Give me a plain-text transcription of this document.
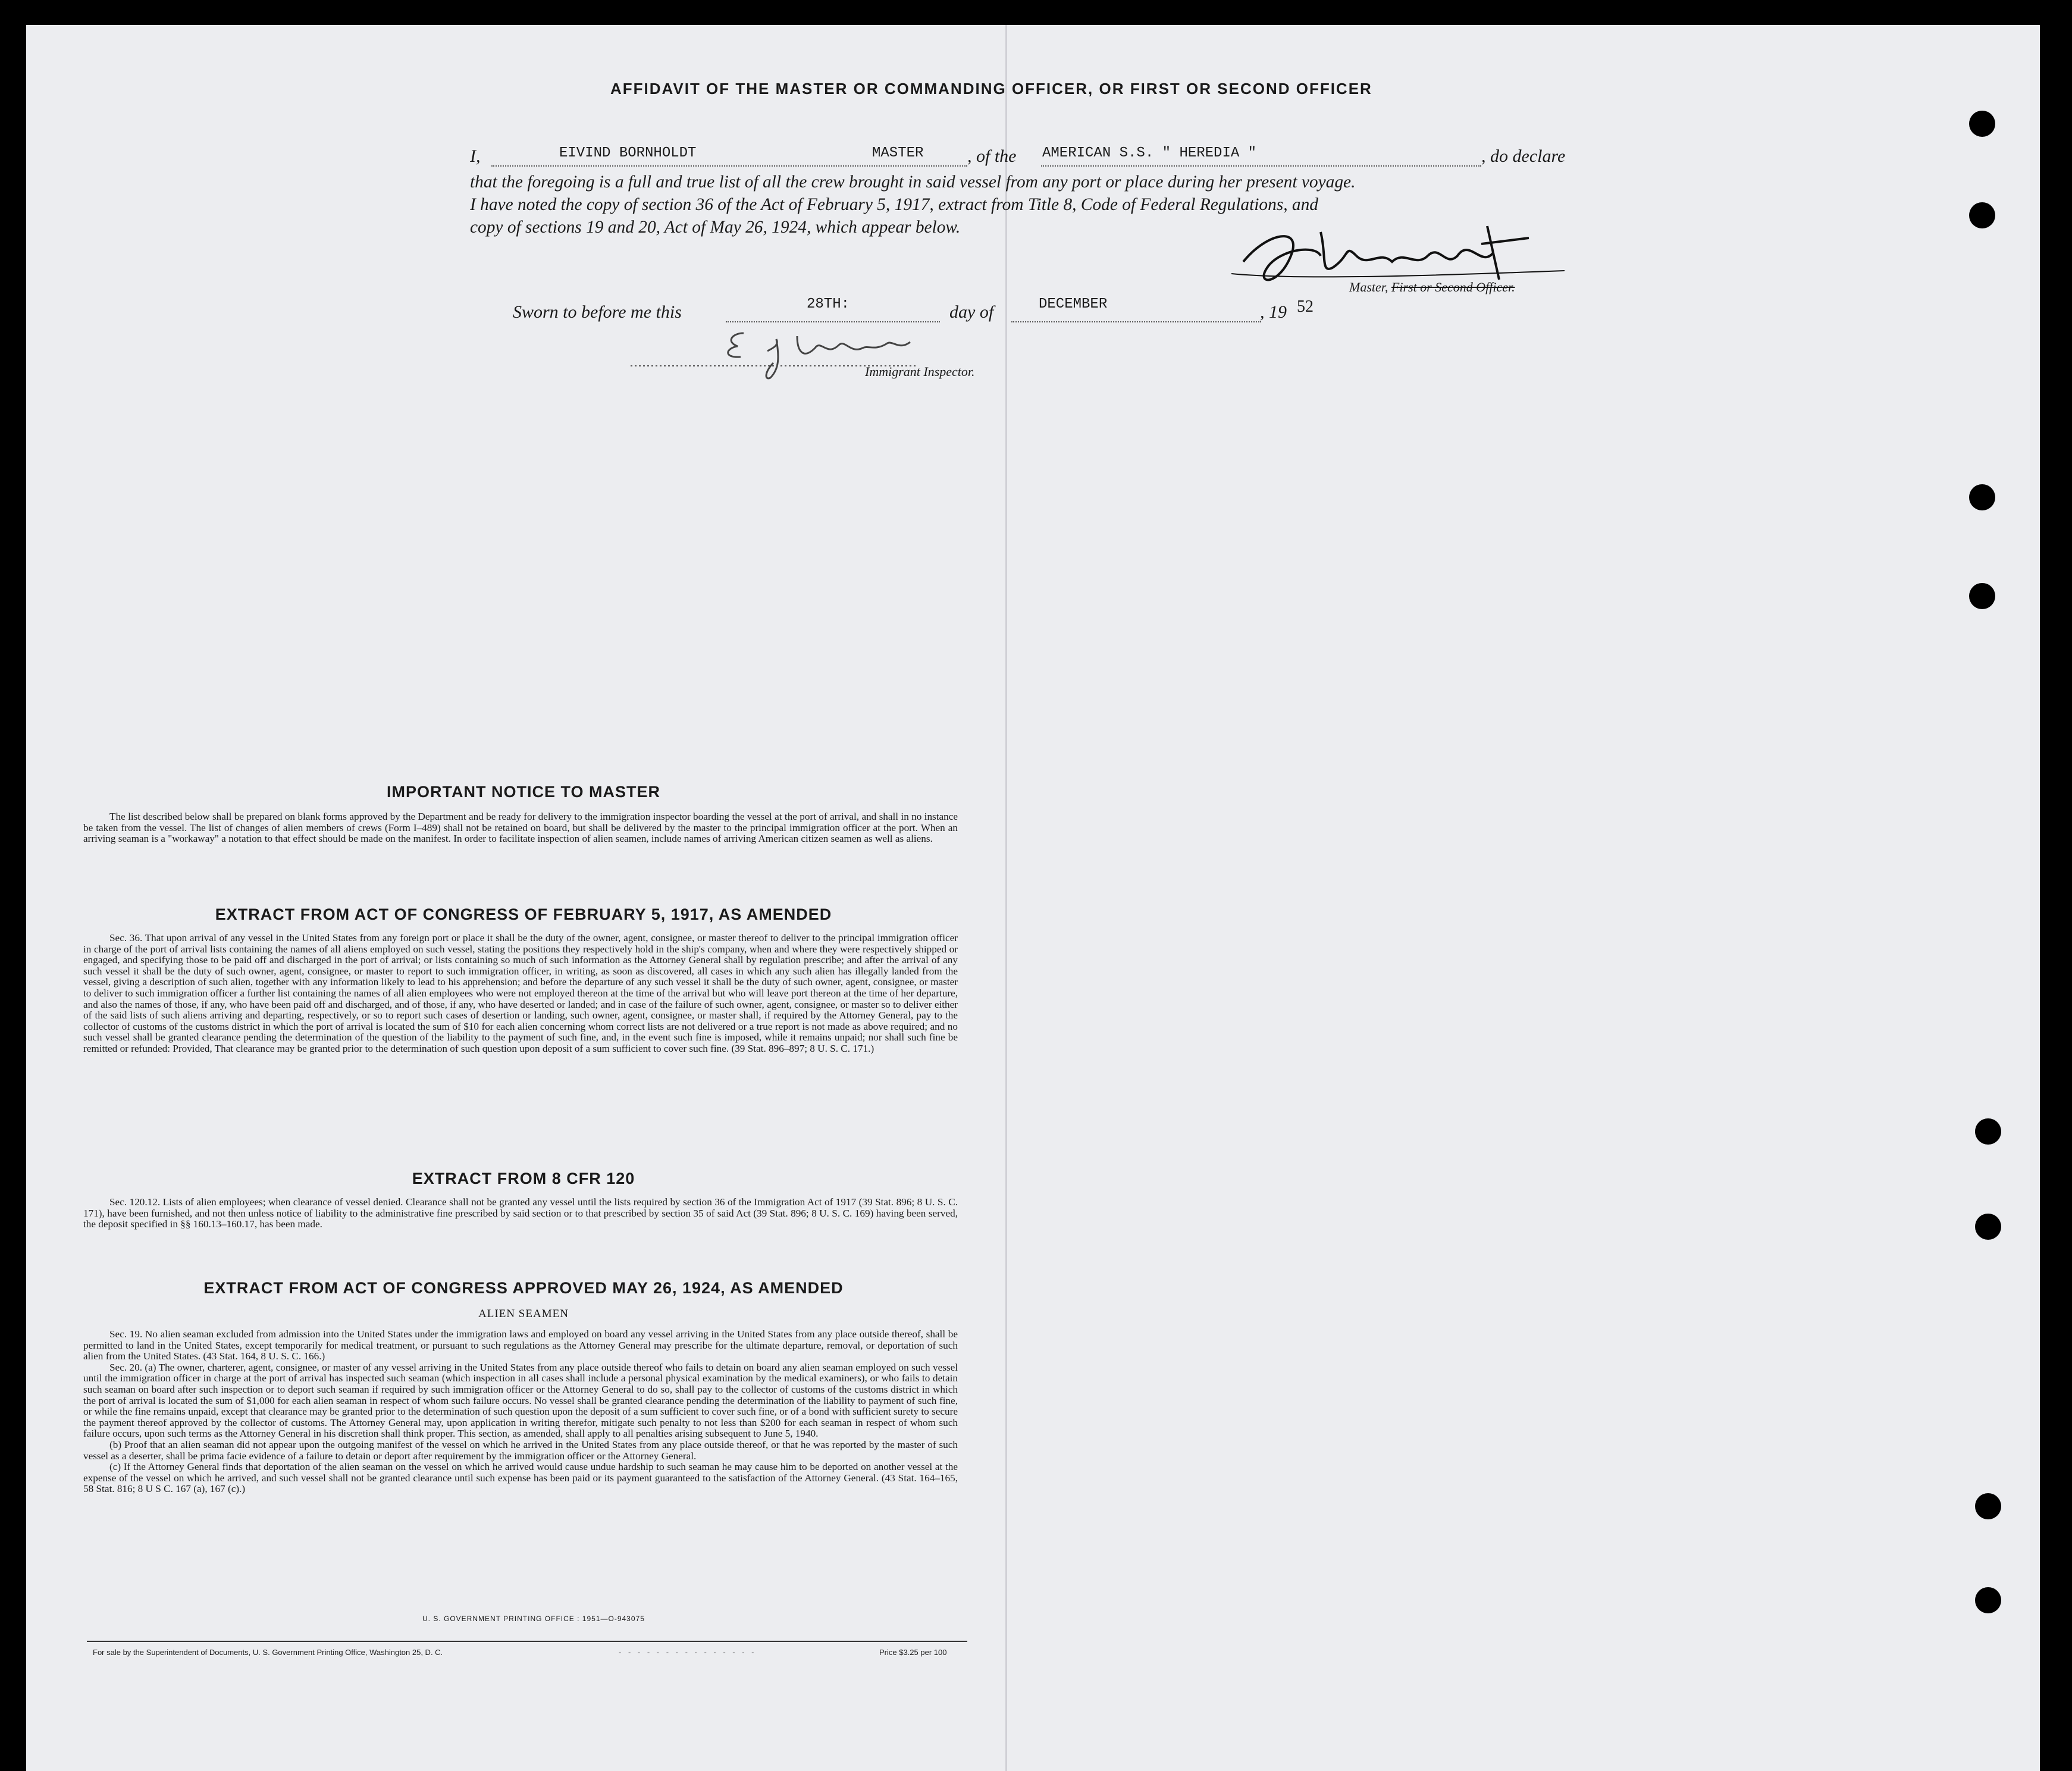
AFFIDAVIT OF THE MASTER OR COMMANDING OFFICER, OR FIRST OR SECOND OFFICER
I,	EIVIND BORNHOLDT	MASTER , of the AMERICAN S.S. " HEREDIA "	, do declare
that the foregoing is a full and true list of all the crew brought in said vessel from any port or place during her present voyage.
I have noted the copy of section 36 of the Act of February 5, 1917, extract from Title 8, Code of Federal Regulations, and
copy of sections 19 and 20, Act of May 26, 1924, which appear below.
Master, First or Second Officer.
Sworn to before me this	28TH:	day of	DECEMBER	, 19 52
Immigrant Inspector.
IMPORTANT NOTICE TO MASTER
The list described below shall be prepared on blank forms approved by the Department and be ready for delivery to the immigration inspector boarding the vessel at the port of arrival, and shall in no instance be taken from the vessel. The list of changes of alien members of crews (Form I–489) shall not be retained on board, but shall be delivered by the master to the principal immigration officer at the port. When an arriving seaman is a "workaway" a notation to that effect should be made on the manifest. In order to facilitate inspection of alien seamen, include names of arriving American citizen seamen as well as aliens.
EXTRACT FROM ACT OF CONGRESS OF FEBRUARY 5, 1917, AS AMENDED
Sec. 36. That upon arrival of any vessel in the United States from any foreign port or place it shall be the duty of the owner, agent, consignee, or master thereof to deliver to the principal immigration officer in charge of the port of arrival lists containing the names of all aliens employed on such vessel, stating the positions they respectively hold in the ship's company, when and where they were respectively shipped or engaged, and specifying those to be paid off and discharged in the port of arrival; or lists containing so much of such information as the Attorney General shall by regulation prescribe; and after the arrival of any such vessel it shall be the duty of such owner, agent, consignee, or master to report to such immigration officer, in writing, as soon as discovered, all cases in which any such alien has illegally landed from the vessel, giving a description of such alien, together with any information likely to lead to his apprehension; and before the departure of any such vessel it shall be the duty of such owner, agent, consignee, or master to deliver to such immigration officer a further list containing the names of all alien employees who were not employed thereon at the time of the arrival but who will leave port thereon at the time of her departure, and also the names of those, if any, who have been paid off and discharged, and of those, if any, who have deserted or landed; and in case of the failure of such owner, agent, consignee, or master so to deliver either of the said lists of such aliens arriving and departing, respectively, or so to report such cases of desertion or landing, such owner, agent, consignee, or master shall, if required by the Attorney General, pay to the collector of customs of the customs district in which the port of arrival is located the sum of $10 for each alien concerning whom correct lists are not delivered or a true report is not made as above required; and no such vessel shall be granted clearance pending the determination of the question of the liability to the payment of such fine, and, in the event such fine is imposed, while it remains unpaid; nor shall such fine be remitted or refunded: Provided, That clearance may be granted prior to the determination of such question upon deposit of a sum sufficient to cover such fine. (39 Stat. 896–897; 8 U. S. C. 171.)
EXTRACT FROM 8 CFR 120
Sec. 120.12. Lists of alien employees; when clearance of vessel denied. Clearance shall not be granted any vessel until the lists required by section 36 of the Immigration Act of 1917 (39 Stat. 896; 8 U. S. C. 171), have been furnished, and not then unless notice of liability to the administrative fine prescribed by said section or to that prescribed by section 35 of said Act (39 Stat. 896; 8 U. S. C. 169) having been served, the deposit specified in §§ 160.13–160.17, has been made.
EXTRACT FROM ACT OF CONGRESS APPROVED MAY 26, 1924, AS AMENDED
ALIEN SEAMEN

Sec. 19. No alien seaman excluded from admission into the United States under the immigration laws and employed on board any vessel arriving in the United States from any place outside thereof, shall be permitted to land in the United States, except temporarily for medical treatment, or pursuant to such regulations as the Attorney General may prescribe for the ultimate departure, removal, or deportation of such alien from the United States. (43 Stat. 164, 8 U. S. C. 166.)

Sec. 20. (a) The owner, charterer, agent, consignee, or master of any vessel arriving in the United States from any place outside thereof who fails to detain on board any alien seaman employed on such vessel until the immigration officer in charge at the port of arrival has inspected such seaman (which inspection in all cases shall include a personal physical examination by the medical examiners), or who fails to detain such seaman on board after such inspection or to deport such seaman if required by such immigration officer or the Attorney General to do so, shall pay to the collector of customs of the customs district in which the port of arrival is located the sum of $1,000 for each alien seaman in respect of whom such failure occurs. No vessel shall be granted clearance pending the determination of the liability to payment of such fine, or while the fine remains unpaid, except that clearance may be granted prior to the determination of such question upon the deposit of a sum sufficient to cover such fine, or of a bond with sufficient surety to secure the payment thereof approved by the collector of customs. The Attorney General may, upon application in writing therefor, mitigate such penalty to not less than $200 for each seaman in respect of whom such failure occurs, upon such terms as the Attorney General in his discretion shall think proper. This section, as amended, shall apply to all penalties arising subsequent to June 5, 1940.

(b) Proof that an alien seaman did not appear upon the outgoing manifest of the vessel on which he arrived in the United States from any place outside thereof, or that he was reported by the master of such vessel as a deserter, shall be prima facie evidence of a failure to detain or deport after requirement by the immigration officer or the Attorney General.

(c) If the Attorney General finds that deportation of the alien seaman on the vessel on which he arrived would cause undue hardship to such seaman he may cause him to be deported on another vessel at the expense of the vessel on which he arrived, and such vessel shall not be granted clearance until such expense has been paid or its payment guaranteed to the satisfaction of the Attorney General. (43 Stat. 164–165, 58 Stat. 816; 8 U S C. 167 (a), 167 (c).)

U. S. GOVERNMENT PRINTING OFFICE : 1951—O-943075
For sale by the Superintendent of Documents, U. S. Government Printing Office, Washington 25, D. C.	- - - - - - - - - - - - - - -	Price $3.25 per 100
